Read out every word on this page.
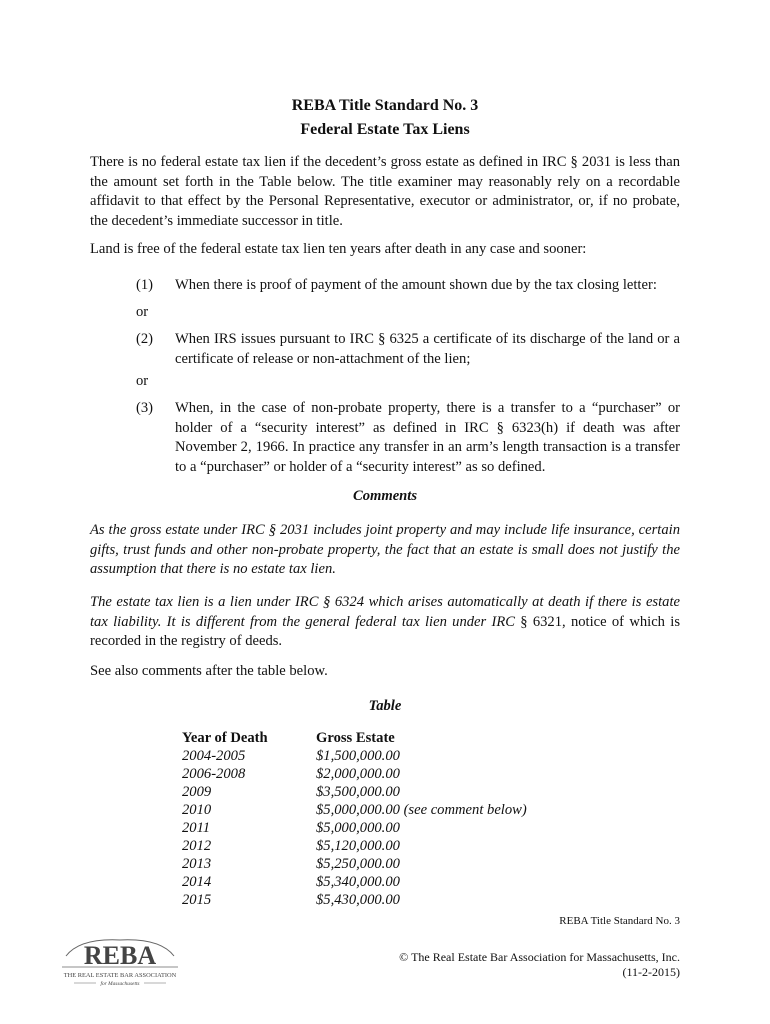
REBA Title Standard No. 3
Federal Estate Tax Liens

There is no federal estate tax lien if the decedent’s gross estate as defined in IRC § 2031 is less than the amount set forth in the Table below. The title examiner may reasonably rely on a recordable affidavit to that effect by the Personal Representative, executor or administrator, or, if no probate, the decedent’s immediate successor in title.

Land is free of the federal estate tax lien ten years after death in any case and sooner:

(1)	When there is proof of payment of the amount shown due by the tax closing letter:
or
(2)	When IRS issues pursuant to IRC § 6325 a certificate of its discharge of the land or a certificate of release or non-attachment of the lien;
or
(3)	When, in the case of non-probate property, there is a transfer to a “purchaser” or holder of a “security interest” as defined in IRC § 6323(h) if death was after November 2, 1966. In practice any transfer in an arm’s length transaction is a transfer to a “purchaser” or holder of a “security interest” as so defined.
Comments

As the gross estate under IRC § 2031 includes joint property and may include life insurance, certain gifts, trust funds and other non-probate property, the fact that an estate is small does not justify the assumption that there is no estate tax lien.

The estate tax lien is a lien under IRC § 6324 which arises automatically at death if there is estate tax liability. It is different from the general federal tax lien under IRC § 6321, notice of which is recorded in the registry of deeds.

See also comments after the table below.

Table
Year of Death	Gross Estate
2004-2005	$1,500,000.00
2006-2008	$2,000,000.00
2009	$3,500,000.00
2010	$5,000,000.00 (see comment below)
2011	$5,000,000.00
2012	$5,120,000.00
2013	$5,250,000.00
2014	$5,340,000.00
2015	$5,430,000.00
REBA Title Standard No. 3
© The Real Estate Bar Association for Massachusetts, Inc.
(11-2-2015)
REBA
THE REAL ESTATE BAR ASSOCIATION
for Massachusetts
